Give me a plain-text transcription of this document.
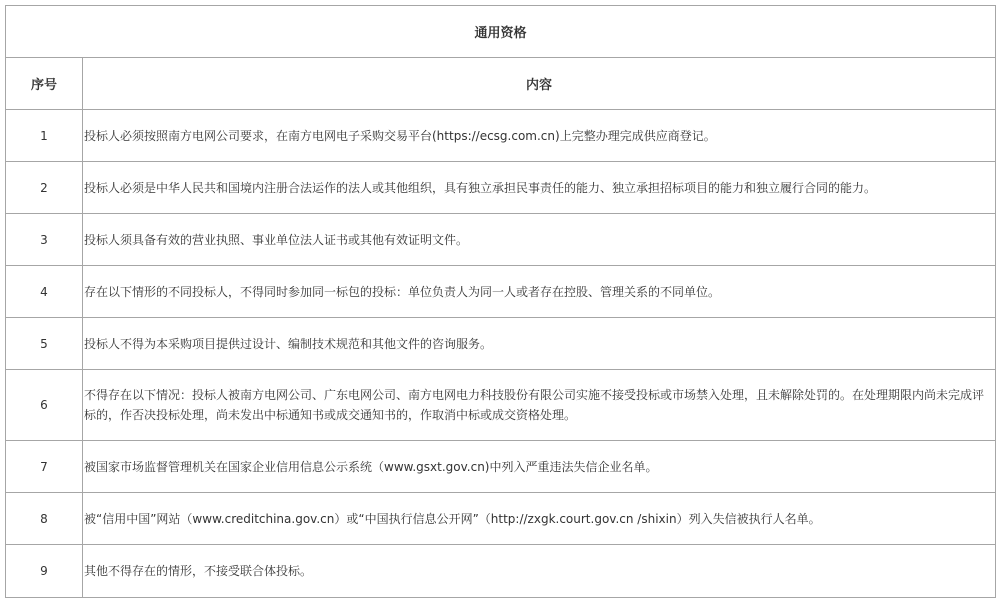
通用资格	
序号	内容
1	投标人必须按照南方电网公司要求，在南方电网电子采购交易平台(https://ecsg.com.cn)上完整办理完成供应商登记。
2	投标人必须是中华人民共和国境内注册合法运作的法人或其他组织，具有独立承担民事责任的能力、独立承担招标项目的能力和独立履行合同的能力。
3	投标人须具备有效的营业执照、事业单位法人证书或其他有效证明文件。
4	存在以下情形的不同投标人，不得同时参加同一标包的投标：单位负责人为同一人或者存在控股、管理关系的不同单位。
5	投标人不得为本采购项目提供过设计、编制技术规范和其他文件的咨询服务。
6	不得存在以下情况：投标人被南方电网公司、广东电网公司、南方电网电力科技股份有限公司实施不接受投标或市场禁入处理，且未解除处罚的。在处理期限内尚未完成评标的，作否决投标处理，尚未发出中标通知书或成交通知书的，作取消中标或成交资格处理。
7	被国家市场监督管理机关在国家企业信用信息公示系统（www.gsxt.gov.cn)中列入严重违法失信企业名单。
8	被“信用中国”网站（www.creditchina.gov.cn）或“中国执行信息公开网”（http://zxgk.court.gov.cn /shixin）列入失信被执行人名单。
9	其他不得存在的情形，不接受联合体投标。
